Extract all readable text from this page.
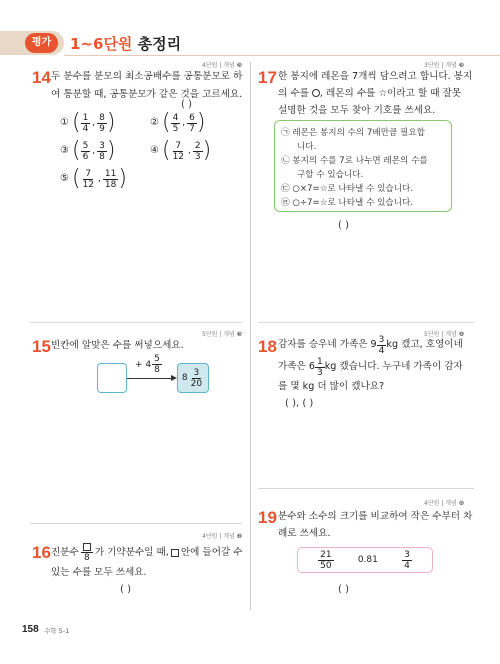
평가	1~6단원 총정리
4단원 | 개념 ❸
14 두 분수를 분모의 최소공배수를 공통분모로 하
여 통분할 때, 공통분모가 같은 것을 고르세요.
( )
① ( $\frac{1}{4}$ , $\frac{8}{9}$ )	② ( $\frac{4}{5}$ , $\frac{6}{7}$ )
③ ( $\frac{5}{6}$ , $\frac{3}{8}$ )	④ ( $\frac{7}{12}$ , $\frac{2}{3}$ )
⑤ ( $\frac{7}{12}$ , $\frac{11}{18}$ )
5단원 | 개념 ❸
15 빈칸에 알맞은 수를 써넣으세요.
+ $4 \frac{5}{8}$
$8 \frac{3}{20}$
4단원 | 개념 ❷
16 진분수
8
가 기약분수일 때, 안에 들어갈 수
있는 수를 모두 쓰세요.
( )
3단원 | 개념 ❸
17 한 봉지에 레몬을 7개씩 담으려고 합니다. 봉지
의 수를 , 레몬의 수를 ☆이라고 할 때 잘못
설명한 것을 모두 찾아 기호를 쓰세요.
㉠ 레몬은 봉지의 수의 7배만큼 필요합
니다.
㉡ 봉지의 수를 7로 나누면 레몬의 수를
구할 수 있습니다.
㉢ ○×7=☆로 나타낼 수 있습니다.
㉣ ○÷7=☆로 나타낼 수 있습니다.
( )
5단원 | 개념 ❹
18 감자를 승우네 가족은 $9 \frac{3}{4}$ kg 캤고, 호영이네
가족은 $6 \frac{1}{3}$ kg 캤습니다. 누구네 가족이 감자
를 몇 kg 더 많이 캤나요?
( ), ( )
4단원 | 개념 ❻
19 분수와 소수의 크기를 비교하여 작은 수부터 차
례로 쓰세요.
$\frac{21}{50}$	0.81	$\frac{3}{4}$
( )
158 수학 5-1
